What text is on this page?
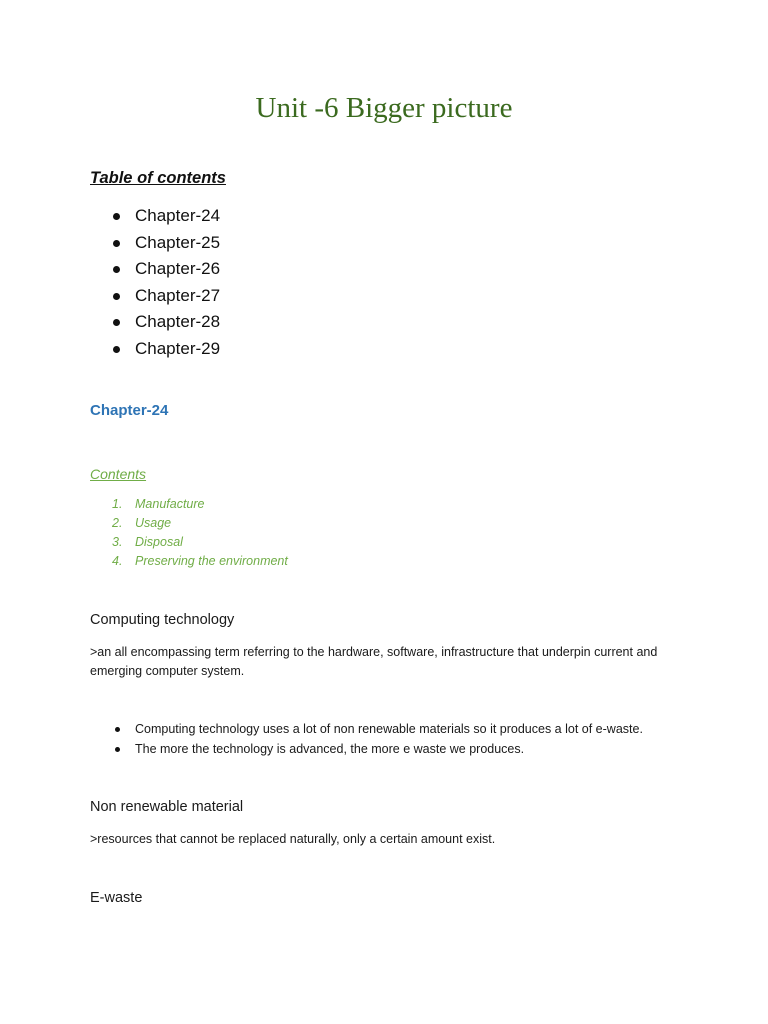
Unit -6 Bigger picture
Table of contents
Chapter-24
Chapter-25
Chapter-26
Chapter-27
Chapter-28
Chapter-29
Chapter-24
Contents
1. Manufacture
2. Usage
3. Disposal
4. Preserving the environment
Computing technology

>an all encompassing term referring to the hardware, software, infrastructure that underpin current and emerging computer system.

Computing technology uses a lot of non renewable materials so it produces a lot of e-waste.
The more the technology is advanced, the more e waste we produces.
Non renewable material

>resources that cannot be replaced naturally, only a certain amount exist.

E-waste
